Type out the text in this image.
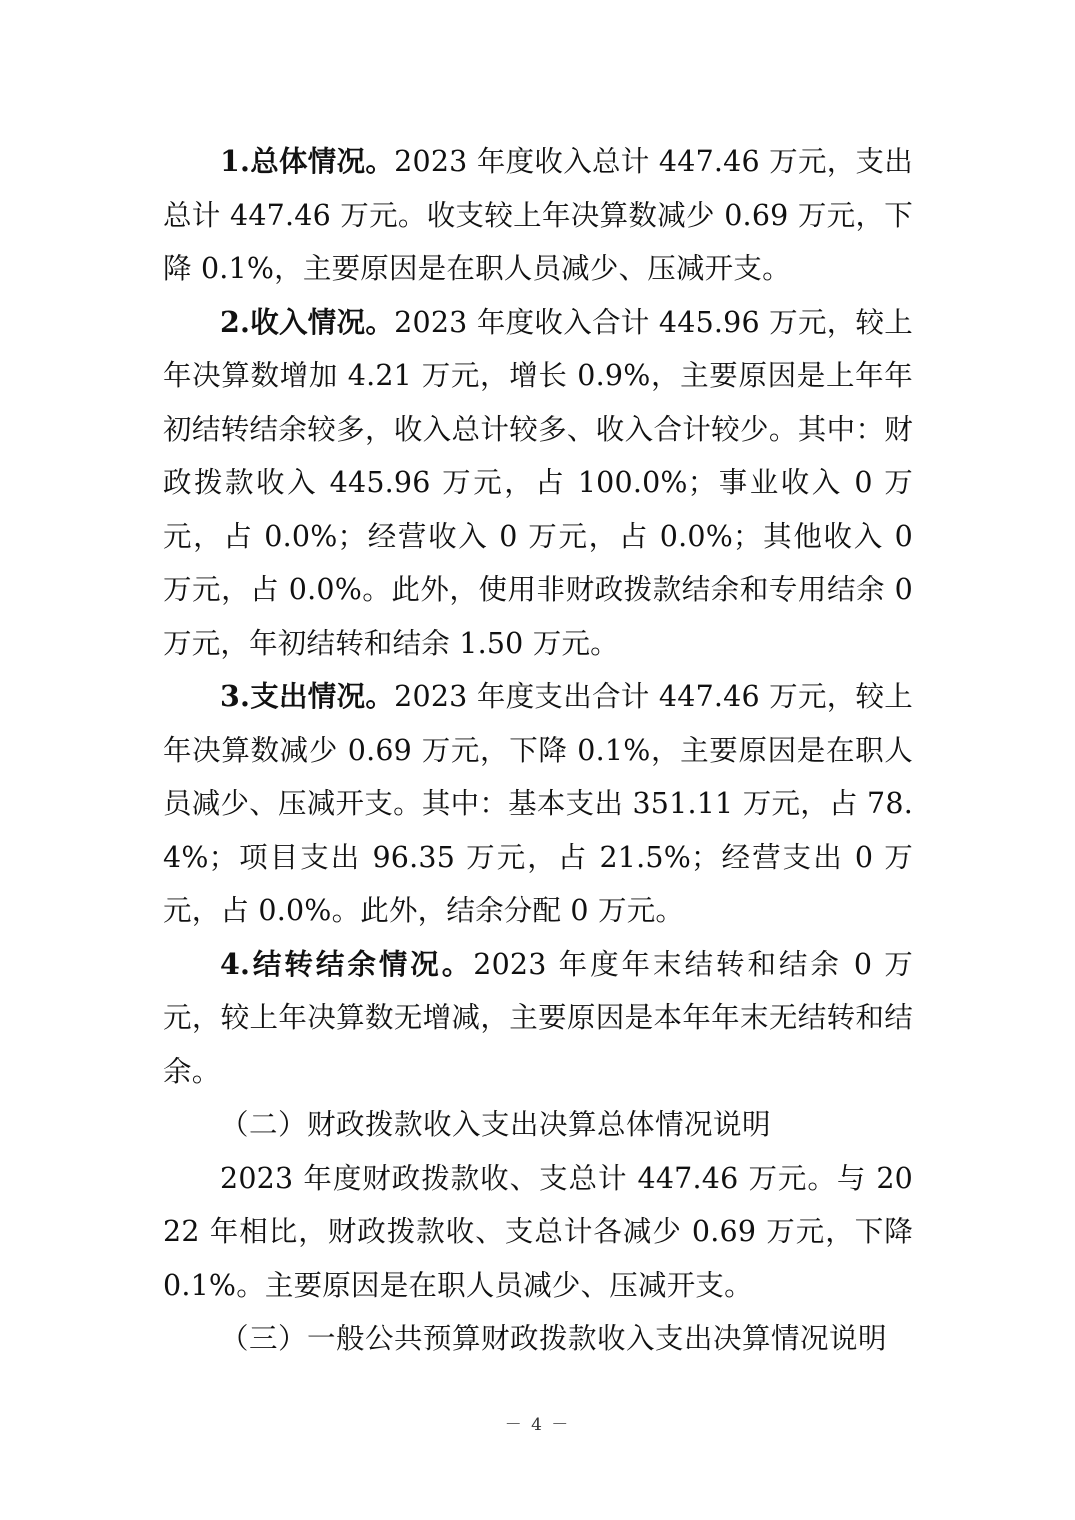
1.总体情况。2023 年度收入总计 447.46 万元，支出总计 447.46 万元。收支较上年决算数减少 0.69 万元，下降 0.1%，主要原因是在职人员减少、压减开支。

2.收入情况。2023 年度收入合计 445.96 万元，较上年决算数增加 4.21 万元，增长 0.9%，主要原因是上年年初结转结余较多，收入总计较多、收入合计较少。其中：财政拨款收入 445.96 万元，占 100.0%；事业收入 0 万元，占 0.0%；经营收入 0 万元，占 0.0%；其他收入 0 万元，占 0.0%。此外，使用非财政拨款结余和专用结余 0 万元，年初结转和结余 1.50 万元。

3.支出情况。2023 年度支出合计 447.46 万元，较上年决算数减少 0.69 万元，下降 0.1%，主要原因是在职人员减少、压减开支。其中：基本支出 351.11 万元，占 78.4%；项目支出 96.35 万元，占 21.5%；经营支出 0 万元，占 0.0%。此外，结余分配 0 万元。

4.结转结余情况。2023 年度年末结转和结余 0 万元，较上年决算数无增减，主要原因是本年年末无结转和结余。

（二）财政拨款收入支出决算总体情况说明

2023 年度财政拨款收、支总计 447.46 万元。与 2022 年相比，财政拨款收、支总计各减少 0.69 万元，下降 0.1%。主要原因是在职人员减少、压减开支。

（三）一般公共预算财政拨款收入支出决算情况说明

－ 4 －
